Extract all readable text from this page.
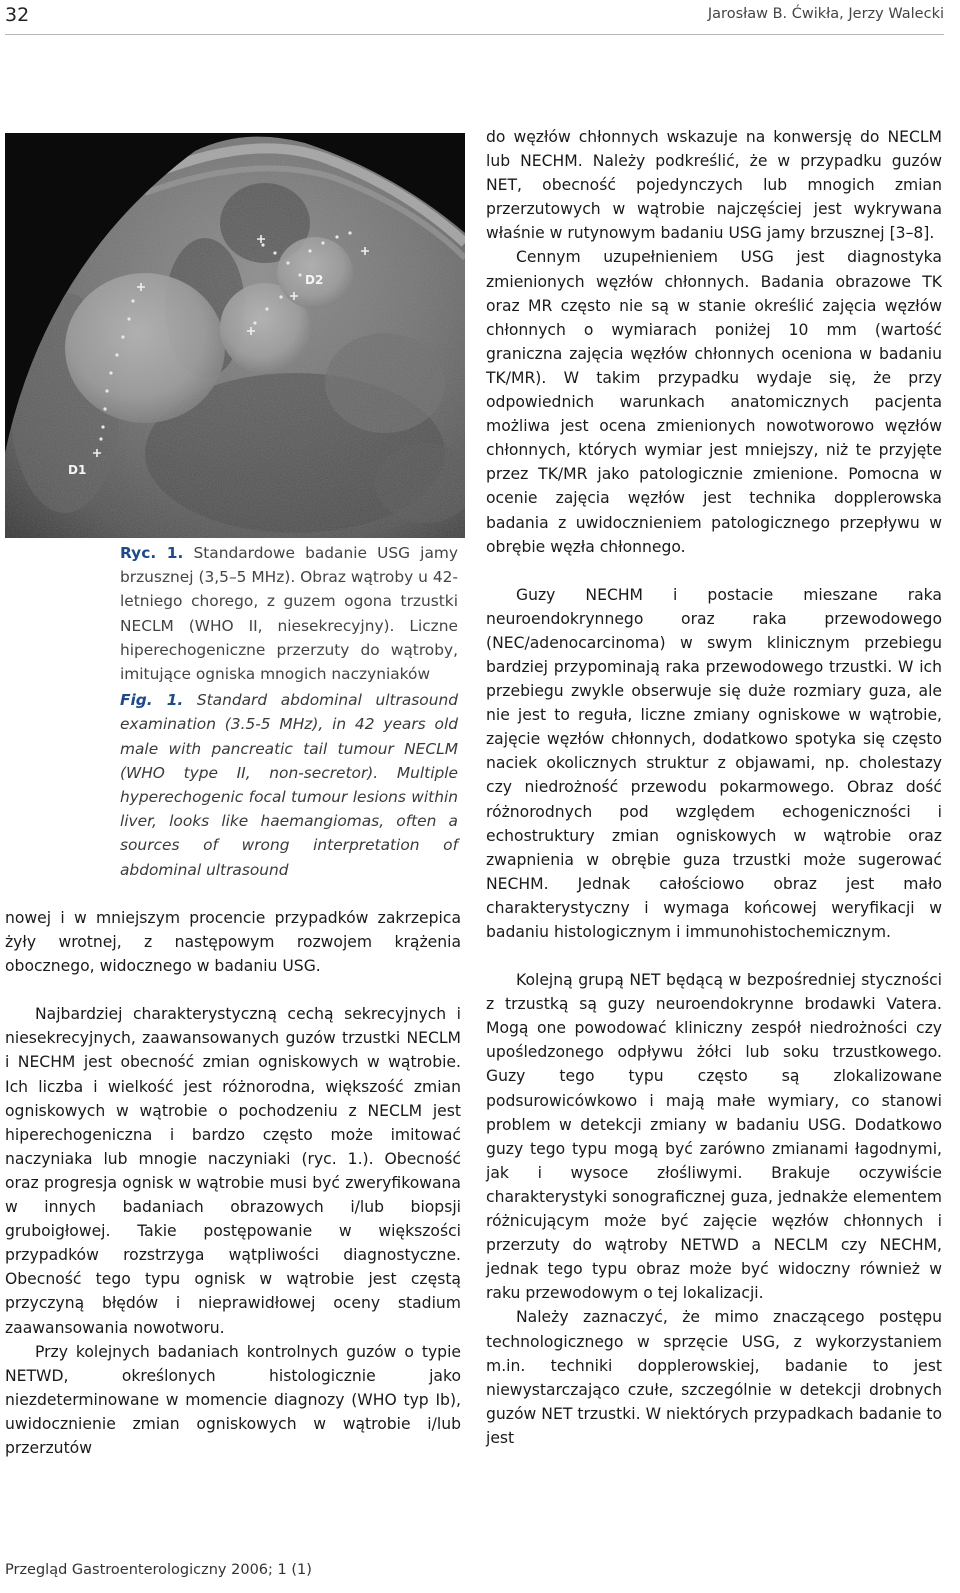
32	Jarosław B. Ćwikła, Jerzy Walecki
D1
D2

Ryc. 1. Standardowe badanie USG jamy brzusznej (3,5–5 MHz). Obraz wątroby u 42-letniego chorego, z guzem ogona trzustki NECLM (WHO II, niesekrecyjny). Liczne hiperechogeniczne przerzuty do wątroby, imitujące ogniska mnogich naczyniaków

Fig. 1. Standard abdominal ultrasound examination (3.5-5 MHz), in 42 years old male with pancreatic tail tumour NECLM (WHO type II, non-secretor). Multiple hyperechogenic focal tumour lesions within liver, looks like haemangiomas, often a sources of wrong interpretation of abdominal ultrasound

nowej i w mniejszym procencie przypadków zakrzepica żyły wrotnej, z następowym rozwojem krążenia obocznego, widocznego w badaniu USG.

Najbardziej charakterystyczną cechą sekrecyjnych i niesekrecyjnych, zaawansowanych guzów trzustki NECLM i NECHM jest obecność zmian ogniskowych w wątrobie. Ich liczba i wielkość jest różnorodna, większość zmian ogniskowych w wątrobie o pochodzeniu z NECLM jest hiperechogeniczna i bardzo często może imitować naczyniaka lub mnogie naczyniaki (ryc. 1.). Obecność oraz progresja ognisk w wątrobie musi być zweryfikowana w innych badaniach obrazowych i/lub biopsji gruboigłowej. Takie postępowanie w większości przypadków rozstrzyga wątpliwości diagnostyczne. Obecność tego typu ognisk w wątrobie jest częstą przyczyną błędów i nieprawidłowej oceny stadium zaawansowania nowotworu.

Przy kolejnych badaniach kontrolnych guzów o typie NETWD, określonych histologicznie jako niezdeterminowane w momencie diagnozy (WHO typ Ib), uwidocznienie zmian ogniskowych w wątrobie i/lub przerzutów

do węzłów chłonnych wskazuje na konwersję do NECLM lub NECHM. Należy podkreślić, że w przypadku guzów NET, obecność pojedynczych lub mnogich zmian przerzutowych w wątrobie najczęściej jest wykrywana właśnie w rutynowym badaniu USG jamy brzusznej [3–8].

Cennym uzupełnieniem USG jest diagnostyka zmienionych węzłów chłonnych. Badania obrazowe TK oraz MR często nie są w stanie określić zajęcia węzłów chłonnych o wymiarach poniżej 10 mm (wartość graniczna zajęcia węzłów chłonnych oceniona w badaniu TK/MR). W takim przypadku wydaje się, że przy odpowiednich warunkach anatomicznych pacjenta możliwa jest ocena zmienionych nowotworowo węzłów chłonnych, których wymiar jest mniejszy, niż te przyjęte przez TK/MR jako patologicznie zmienione. Pomocna w ocenie zajęcia węzłów jest technika dopplerowska badania z uwidocznieniem patologicznego przepływu w obrębie węzła chłonnego.

Guzy NECHM i postacie mieszane raka neuroendokrynnego oraz raka przewodowego (NEC/adenocarcinoma) w swym klinicznym przebiegu bardziej przypominają raka przewodowego trzustki. W ich przebiegu zwykle obserwuje się duże rozmiary guza, ale nie jest to reguła, liczne zmiany ogniskowe w wątrobie, zajęcie węzłów chłonnych, dodatkowo spotyka się często naciek okolicznych struktur z objawami, np. cholestazy czy niedrożność przewodu pokarmowego. Obraz dość różnorodnych pod względem echogeniczności i echostruktury zmian ogniskowych w wątrobie oraz zwapnienia w obrębie guza trzustki może sugerować NECHM. Jednak całościowo obraz jest mało charakterystyczny i wymaga końcowej weryfikacji w badaniu histologicznym i immunohistochemicznym.

Kolejną grupą NET będącą w bezpośredniej styczności z trzustką są guzy neuroendokrynne brodawki Vatera. Mogą one powodować kliniczny zespół niedrożności czy upośledzonego odpływu żółci lub soku trzustkowego. Guzy tego typu często są zlokalizowane podsurowicówkowo i mają małe wymiary, co stanowi problem w detekcji zmiany w badaniu USG. Dodatkowo guzy tego typu mogą być zarówno zmianami łagodnymi, jak i wysoce złośliwymi. Brakuje oczywiście charakterystyki sonograficznej guza, jednakże elementem różnicującym może być zajęcie węzłów chłonnych i przerzuty do wątroby NETWD a NECLM czy NECHM, jednak tego typu obraz może być widoczny również w raku przewodowym o tej lokalizacji.

Należy zaznaczyć, że mimo znaczącego postępu technologicznego w sprzęcie USG, z wykorzystaniem m.in. techniki dopplerowskiej, badanie to jest niewystarczająco czułe, szczególnie w detekcji drobnych guzów NET trzustki. W niektórych przypadkach badanie to jest

Przegląd Gastroenterologiczny 2006; 1 (1)
